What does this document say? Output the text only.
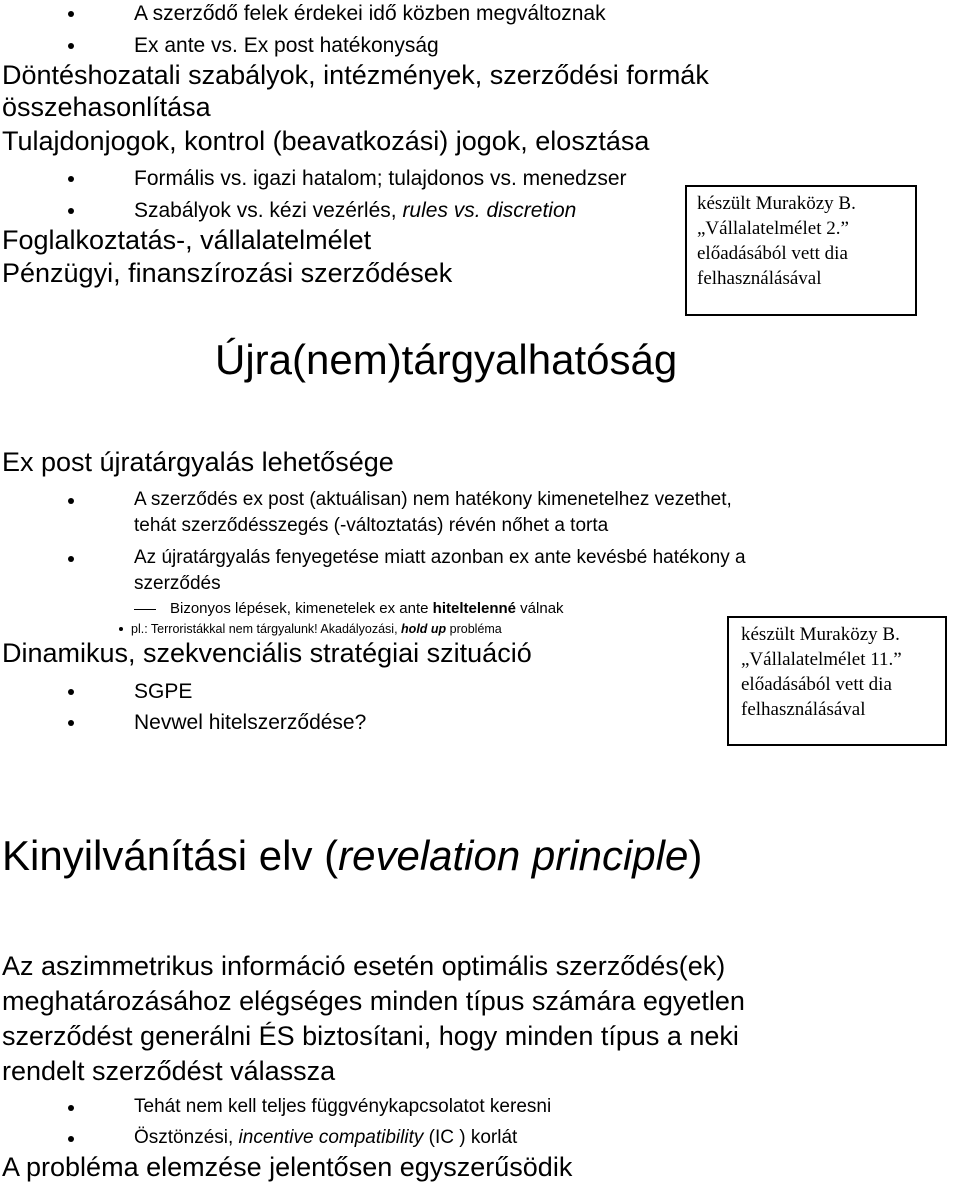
A szerződő felek érdekei idő közben megváltoznak
Ex ante vs. Ex post hatékonyság
Döntéshozatali szabályok, intézmények, szerződési formák
összehasonlítása
Tulajdonjogok, kontrol (beavatkozási) jogok, elosztása
Formális vs. igazi hatalom; tulajdonos vs. menedzser
Szabályok vs. kézi vezérlés, rules vs. discretion
Foglalkoztatás-, vállalatelmélet
Pénzügyi, finanszírozási szerződések
készült Muraközy B.
„Vállalatelmélet 2.”
előadásából vett dia
felhasználásával
Újra(nem)tárgyalhatóság
Ex post újratárgyalás lehetősége
A szerződés ex post (aktuálisan) nem hatékony kimenetelhez vezethet,
tehát szerződésszegés (-változtatás) révén nőhet a torta
Az újratárgyalás fenyegetése miatt azonban ex ante kevésbé hatékony a
szerződés
Bizonyos lépések, kimenetelek ex ante hiteltelenné válnak
pl.: Terroristákkal nem tárgyalunk! Akadályozási, hold up probléma
Dinamikus, szekvenciális stratégiai szituáció
SGPE
Nevwel hitelszerződése?
készült Muraközy B.
„Vállalatelmélet 11.”
előadásából vett dia
felhasználásával
Kinyilvánítási elv (revelation principle)
Az aszimmetrikus információ esetén optimális szerződés(ek)
meghatározásához elégséges minden típus számára egyetlen
szerződést generálni ÉS biztosítani, hogy minden típus a neki
rendelt szerződést válassza
Tehát nem kell teljes függvénykapcsolatot keresni
Ösztönzési, incentive compatibility (IC ) korlát
A probléma elemzése jelentősen egyszerűsödik
